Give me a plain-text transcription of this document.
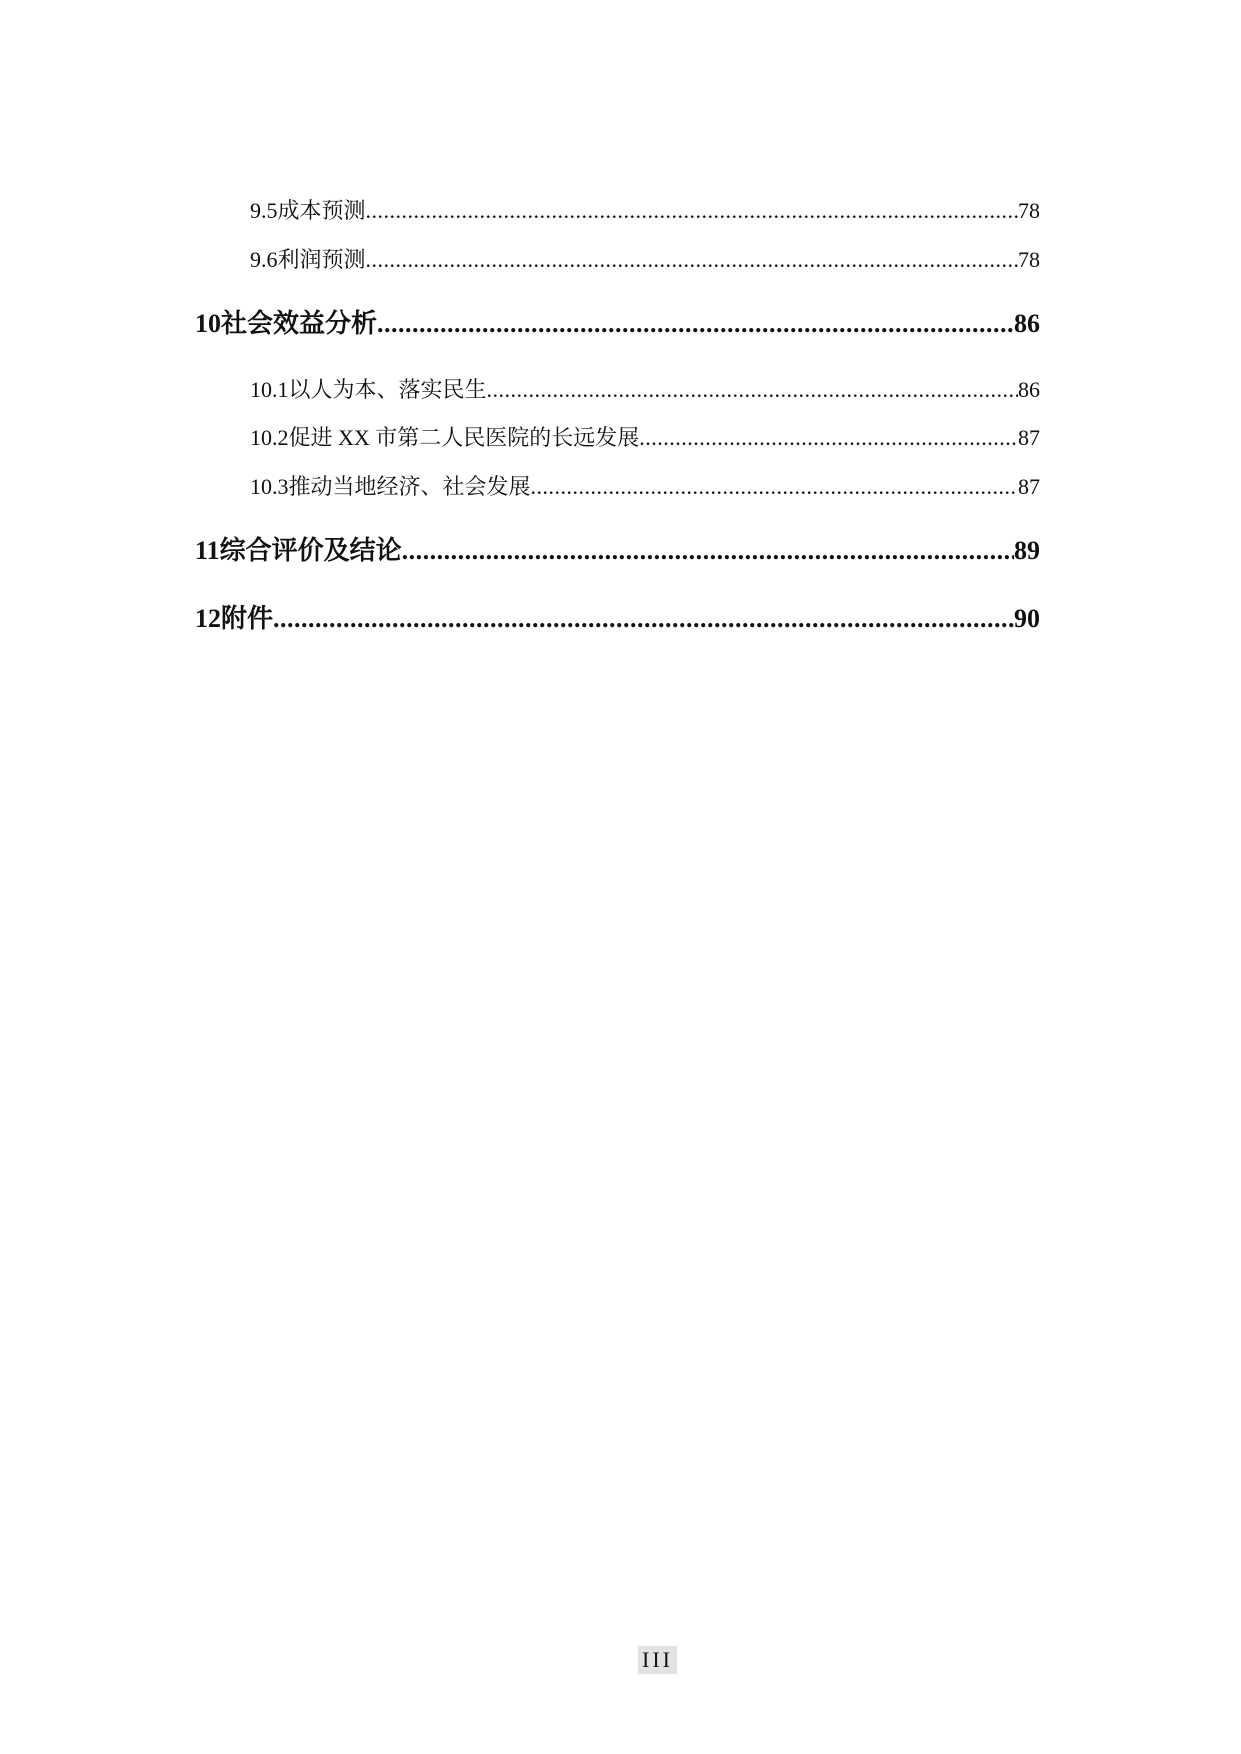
9.5 成本预测 .....	78
9.6 利润预测 .....	78
10 社会效益分析 .....	86
10.1 以人为本、落实民生 .....	86
10.2 促进 XX 市第二人民医院的长远发展 .....	87
10.3 推动当地经济、社会发展 .....	87
11 综合评价及结论 .....	89
12 附件 .....	90
III
